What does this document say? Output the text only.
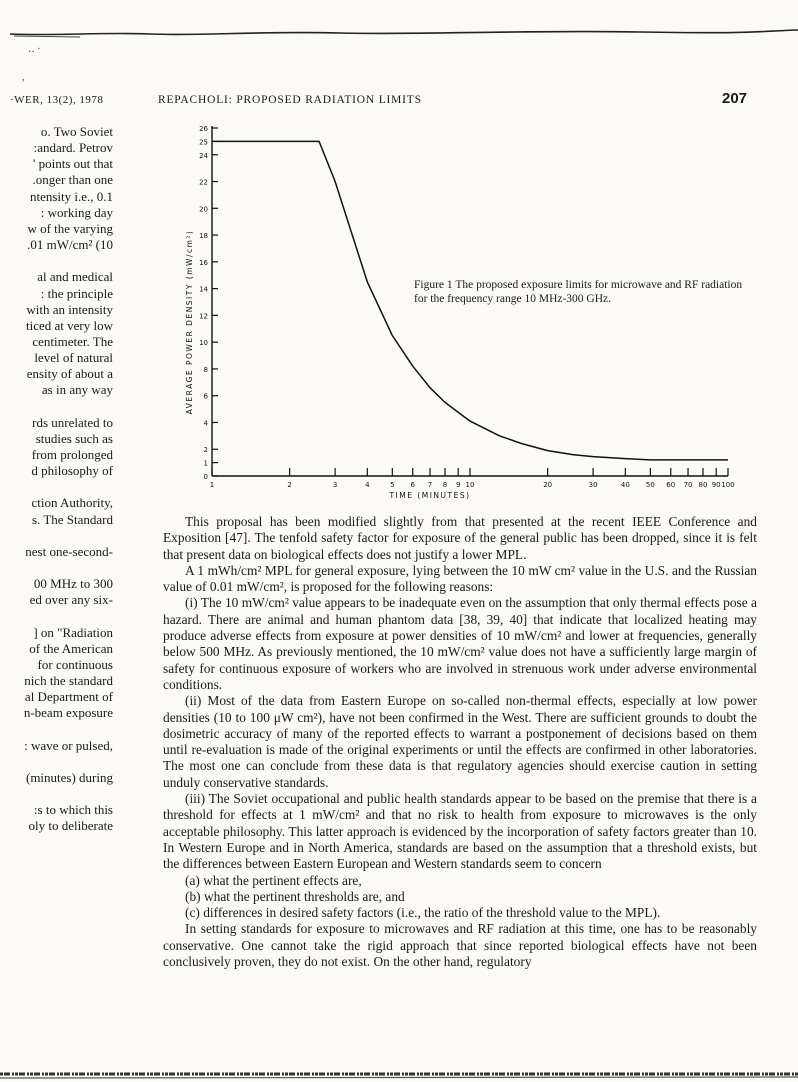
‥ ·
,
·WER, 13(2), 1978	REPACHOLI: PROPOSED RADIATION LIMITS	207
o. Two Soviet
:andard. Petrov
' points out that
.onger than one
ntensity i.e., 0.1
: working day
w of the varying
.01 mW/cm² (10
al and medical
: the principle
with an intensity
ticed at very low
centimeter. The
level of natural
ensity of about a
as in any way
rds unrelated to
studies such as
from prolonged
d philosophy of
ction Authority,
s. The Standard
nest one-second-
00 MHz to 300
ed over any six-
] on "Radiation
of the American
for continuous
nich the standard
al Department of
n-beam exposure
: wave or pulsed,
(minutes) during
:s to which this
oly to deliberate
0
1
2
4
6
8
10
12
14
16
18
20
22
24
25
26
1	2	3	4	5 6 7 8 9 10	20	30	40 50 60 70 80 90 100
TIME (MINUTES)
AVERAGE POWER DENSITY (mW/cm²)	Figure 1 The proposed exposure limits for microwave and RF radiation for the frequency range 10 MHz-300 GHz.

This proposal has been modified slightly from that presented at the recent IEEE Conference and Exposition [47]. The tenfold safety factor for exposure of the general public has been dropped, since it is felt that present data on biological effects does not justify a lower MPL.

A 1 mWh/cm² MPL for general exposure, lying between the 10 mW cm² value in the U.S. and the Russian value of 0.01 mW/cm², is proposed for the following reasons:

(i) The 10 mW/cm² value appears to be inadequate even on the assumption that only thermal effects pose a hazard. There are animal and human phantom data [38, 39, 40] that indicate that localized heating may produce adverse effects from exposure at power densities of 10 mW/cm² and lower at frequencies, generally below 500 MHz. As previously mentioned, the 10 mW/cm² value does not have a sufficiently large margin of safety for continuous exposure of workers who are involved in strenuous work under adverse environmental conditions.

(ii) Most of the data from Eastern Europe on so-called non-thermal effects, especially at low power densities (10 to 100 μW cm²), have not been confirmed in the West. There are sufficient grounds to doubt the dosimetric accuracy of many of the reported effects to warrant a postponement of decisions based on them until re-evaluation is made of the original experiments or until the effects are confirmed in other laboratories. The most one can conclude from these data is that regulatory agencies should exercise caution in setting unduly conservative standards.

(iii) The Soviet occupational and public health standards appear to be based on the premise that there is a threshold for effects at 1 mW/cm² and that no risk to health from exposure to microwaves is the only acceptable philosophy. This latter approach is evidenced by the incorporation of safety factors greater than 10. In Western Europe and in North America, standards are based on the assumption that a threshold exists, but the differences between Eastern European and Western standards seem to concern

(a) what the pertinent effects are,
(b) what the pertinent thresholds are, and
(c) differences in desired safety factors (i.e., the ratio of the threshold value to the MPL).

In setting standards for exposure to microwaves and RF radiation at this time, one has to be reasonably conservative. One cannot take the rigid approach that since reported biological effects have not been conclusively proven, they do not exist. On the other hand, regulatory
